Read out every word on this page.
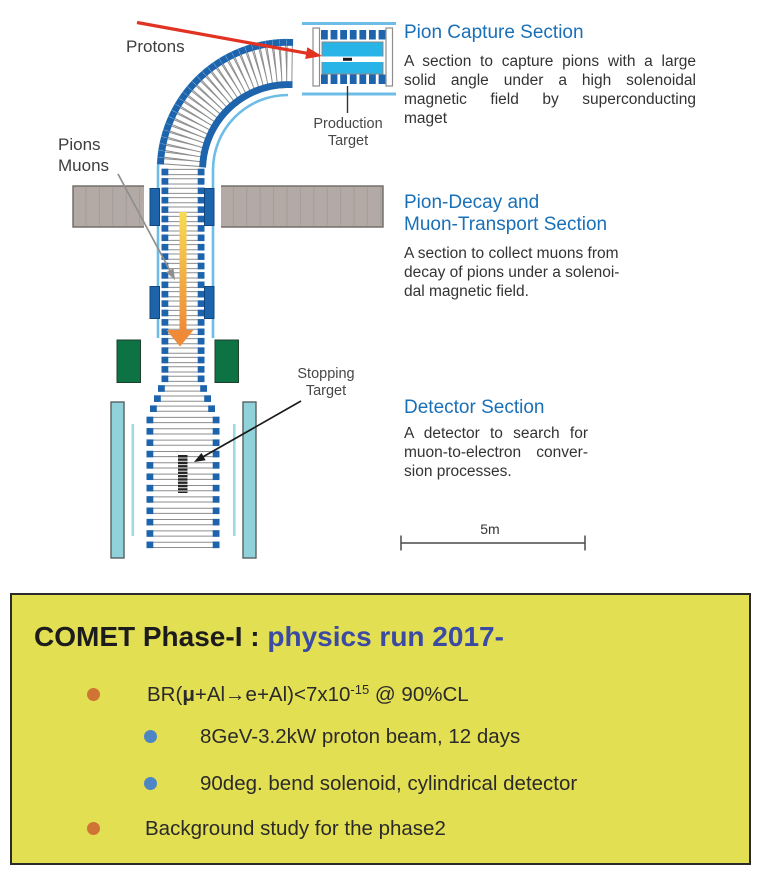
Protons
Pions
Muons
Production
Target
Stopping
Target
5m
Pion Capture Section
A section to capture pions with a large
solid angle under a high solenoidal
magnetic field by superconducting
maget
Pion-Decay and
Muon-Transport Section
A section to collect muons from
decay of pions under a solenoi-
dal magnetic field.
Detector Section
A detector to search for
muon-to-electron conver-
sion processes.
COMET Phase-I : physics run 2017-
$BR(\mu+Al\to e+Al)<7x10^{-15}$ @ 90%CL
8GeV-3.2kW proton beam, 12 days
90deg. bend solenoid, cylindrical detector
Background study for the phase2
